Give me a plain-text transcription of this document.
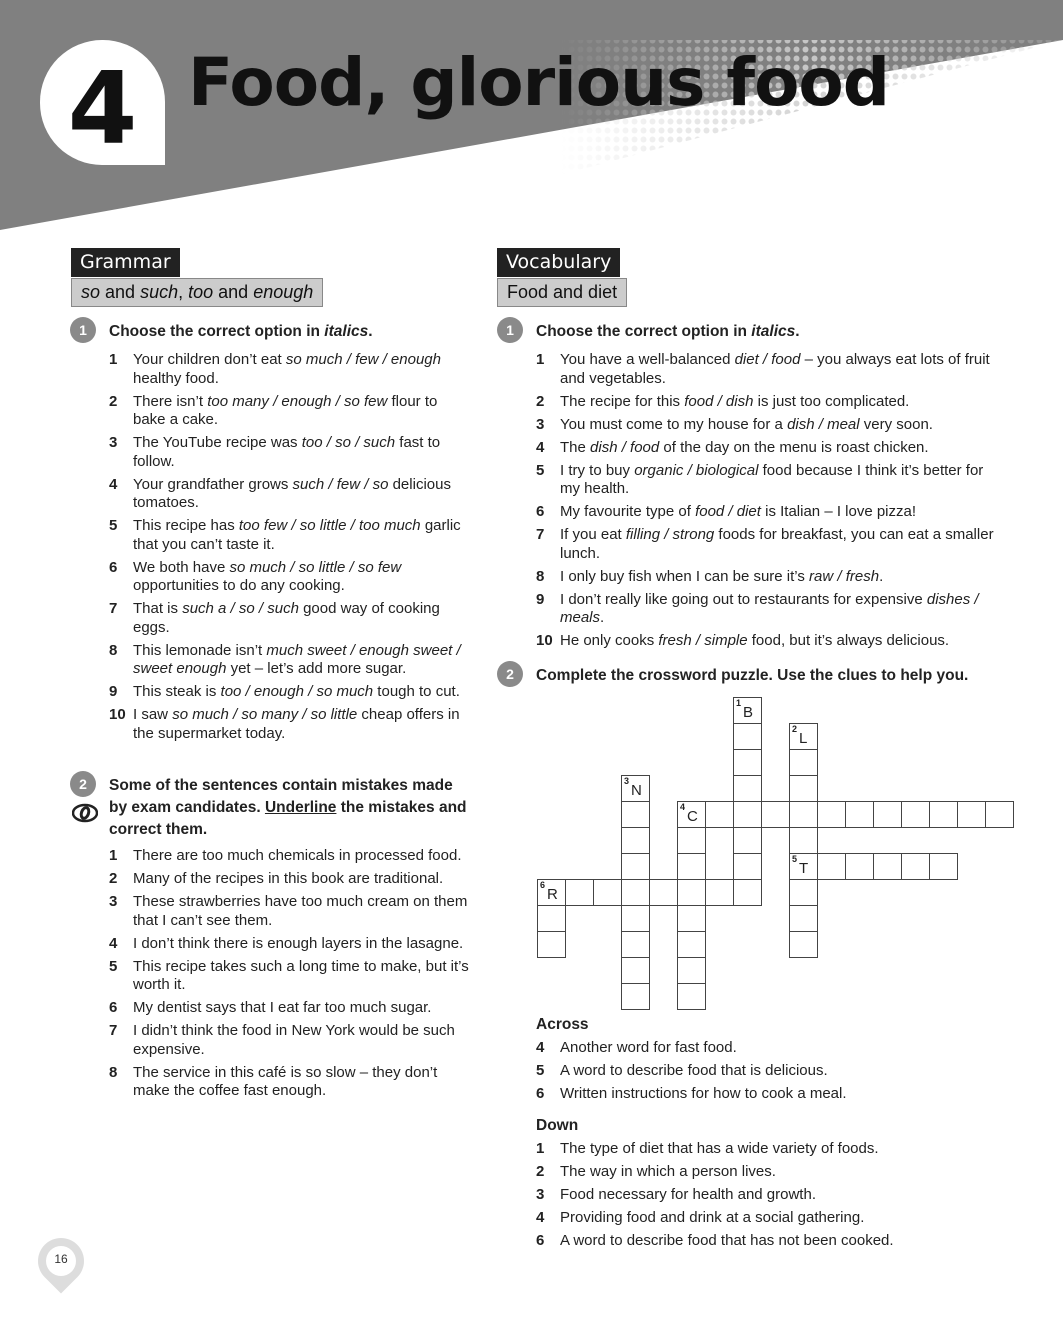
4 Food, glorious food
Grammar
so and such, too and enough
1	Choose the correct option in italics.
1 Your children don’t eat so much / few / enough healthy food.
2 There isn’t too many / enough / so few flour to bake a cake.
3 The YouTube recipe was too / so / such fast to follow.
4 Your grandfather grows such / few / so delicious tomatoes.
5 This recipe has too few / so little / too much garlic that you can’t taste it.
6 We both have so much / so little / so few opportunities to do any cooking.
7 That is such a / so / such good way of cooking eggs.
8 This lemonade isn’t much sweet / enough sweet / sweet enough yet – let’s add more sugar.
9 This steak is too / enough / so much tough to cut.
10 I saw so much / so many / so little cheap offers in the supermarket today.
2	Some of the sentences contain mistakes made by exam candidates. Underline the mistakes and correct them.
1 There are too much chemicals in processed food.
2 Many of the recipes in this book are traditional.
3 These strawberries have too much cream on them that I can’t see them.
4 I don’t think there is enough layers in the lasagne.
5 This recipe takes such a long time to make, but it’s worth it.
6 My dentist says that I eat far too much sugar.
7 I didn’t think the food in New York would be such expensive.
8 The service in this café is so slow – they don’t make the coffee fast enough.
Vocabulary
Food and diet
1	Choose the correct option in italics.
1 You have a well-balanced diet / food – you always eat lots of fruit and vegetables.
2 The recipe for this food / dish is just too complicated.
3 You must come to my house for a dish / meal very soon.
4 The dish / food of the day on the menu is roast chicken.
5 I try to buy organic / biological food because I think it’s better for my health.
6 My favourite type of food / diet is Italian – I love pizza!
7 If you eat filling / strong foods for breakfast, you can eat a smaller lunch.
8 I only buy fish when I can be sure it’s raw / fresh.
9 I don’t really like going out to restaurants for expensive dishes / meals.
10 He only cooks fresh / simple food, but it’s always delicious.
2	Complete the crossword puzzle. Use the clues to help you.
1
B
2
L
5
T
3
N
4
C
6
R
Across
4 Another word for fast food.
5 A word to describe food that is delicious.
6 Written instructions for how to cook a meal.
Down
1 The type of diet that has a wide variety of foods.
2 The way in which a person lives.
3 Food necessary for health and growth.
4 Providing food and drink at a social gathering.
6 A word to describe food that has not been cooked.
16
